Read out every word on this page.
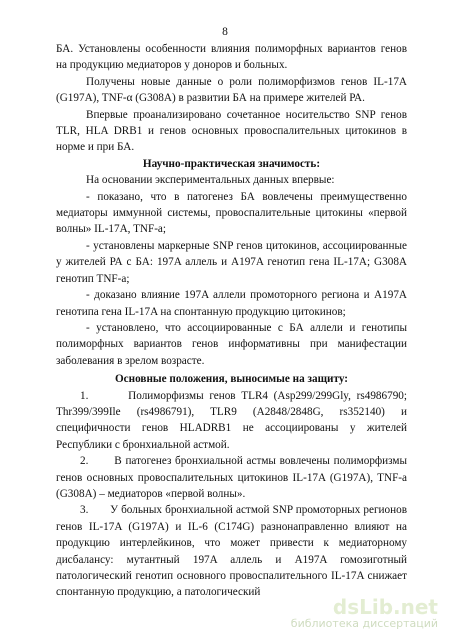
8

БА. Установлены особенности влияния полиморфных вариантов генов на продукцию медиаторов у доноров и больных.

Получены новые данные о роли полиморфизмов генов IL-17A (G197A), TNF-α (G308A) в развитии БА на примере жителей РА.

Впервые проанализировано сочетанное носительство SNP генов TLR, HLA DRB1 и генов основных провоспалительных цитокинов в норме и при БА.

Научно-практическая значимость:

На основании экспериментальных данных впервые:

- показано, что в патогенез БА вовлечены преимущественно медиаторы иммунной системы, провоспалительные цитокины «первой волны» IL-17A, TNF-a;

- установлены маркерные SNP генов цитокинов, ассоциированные у жителей РА с БА: 197A аллель и A197A генотип гена IL-17A; G308A генотип TNF-a;

- доказано влияние 197A аллели промоторного региона и A197A генотипа гена IL-17A на спонтанную продукцию цитокинов;

- установлено, что ассоциированные с БА аллели и генотипы полиморфных вариантов генов информативны при манифестации заболевания в зрелом возрасте.

Основные положения, выносимые на защиту:

1.       Полиморфизмы генов TLR4 (Asp299/299Gly, rs4986790; Thr399/399Ile (rs4986791), TLR9 (A2848/2848G, rs352140) и специфичности генов HLADRB1 не ассоциированы у жителей Республики с бронхиальной астмой.

2.       В патогенез бронхиальной астмы вовлечены полиморфизмы генов основных провоспалительных цитокинов IL-17A (G197A), TNF-a (G308A) – медиаторов «первой волны».

3.       У больных бронхиальной астмой SNP промоторных регионов генов IL-17A (G197A) и IL-6 (C174G) разнонаправленно влияют на продукцию интерлейкинов, что может привести к медиаторному дисбалансу: мутантный 197A аллель и A197A гомозиготный патологический генотип основного провоспалительного IL-17A снижает спонтанную продукцию, а патологический

dsLib.net
библиотека диссертаций
